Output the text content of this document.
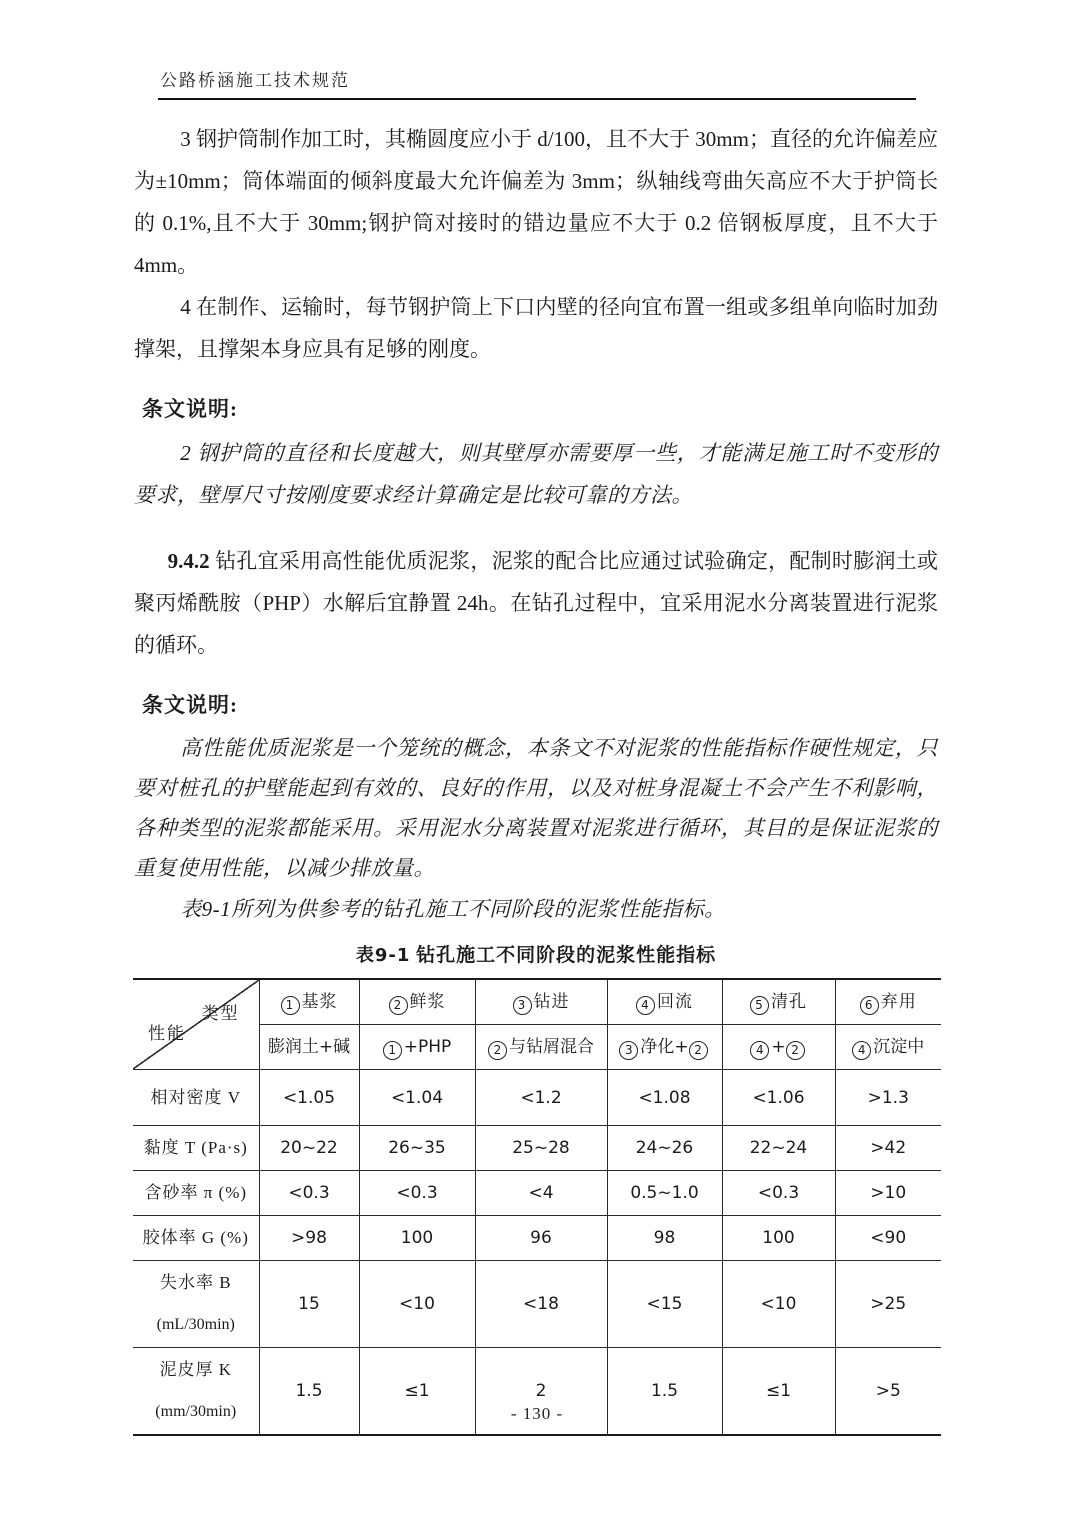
公路桥涵施工技术规范

3 钢护筒制作加工时，其椭圆度应小于 d/100，且不大于 30mm；直径的允许偏差应为±10mm；筒体端面的倾斜度最大允许偏差为 3mm；纵轴线弯曲矢高应不大于护筒长的 0.1%,且不大于 30mm;钢护筒对接时的错边量应不大于 0.2 倍钢板厚度，且不大于 4mm。

4 在制作、运输时，每节钢护筒上下口内壁的径向宜布置一组或多组单向临时加劲撑架，且撑架本身应具有足够的刚度。

条文说明:

2 钢护筒的直径和长度越大，则其壁厚亦需要厚一些，才能满足施工时不变形的要求，壁厚尺寸按刚度要求经计算确定是比较可靠的方法。

9.4.2 钻孔宜采用高性能优质泥浆，泥浆的配合比应通过试验确定，配制时膨润土或聚丙烯酰胺（PHP）水解后宜静置 24h。在钻孔过程中，宜采用泥水分离装置进行泥浆的循环。

条文说明:

高性能优质泥浆是一个笼统的概念，本条文不对泥浆的性能指标作硬性规定，只要对桩孔的护壁能起到有效的、良好的作用，以及对桩身混凝土不会产生不利影响，各种类型的泥浆都能采用。采用泥水分离装置对泥浆进行循环，其目的是保证泥浆的重复使用性能，以减少排放量。

表9-1所列为供参考的钻孔施工不同阶段的泥浆性能指标。

表9-1 钻孔施工不同阶段的泥浆性能指标

类型
性能	1 基浆	2 鲜浆	3 钻进	4 回流	5 清孔	6 弃用
	膨润土+碱	1 +PHP	2 与钻屑混合	3 净化+ 2	4 + 2	4 沉淀中
相对密度 V	<1.05	<1.04	<1.2	<1.08	<1.06	>1.3
黏度 T (Pa·s)	20~22	26~35	25~28	24~26	22~24	>42
含砂率 π (%)	<0.3	<0.3	<4	0.5~1.0	<0.3	>10
胶体率 G (%)	>98	100	96	98	100	<90
失水率 B
(mL/30min)	15	<10	<18	<15	<10	>25
泥皮厚 K
(mm/30min)	1.5	≤1	2	1.5	≤1	>5
- 130 -
